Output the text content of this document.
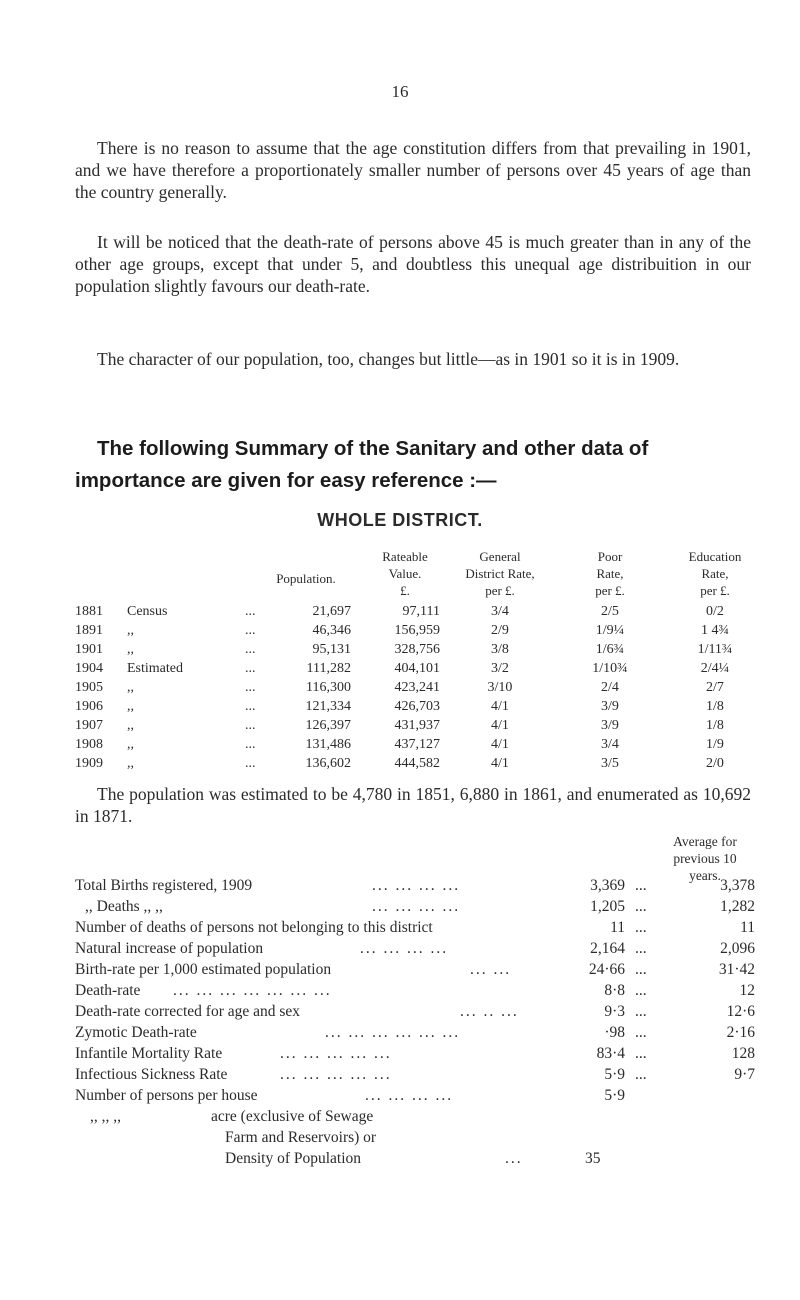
16

There is no reason to assume that the age constitution differs from that prevailing in 1901, and we have therefore a proportionately smaller number of persons over 45 years of age than the country generally.

It will be noticed that the death-rate of persons above 45 is much greater than in any of the other age groups, except that under 5, and doubtless this unequal age distribuition in our population slightly favours our death-rate.

The character of our population, too, changes but little—as in 1901 so it is in 1909.

The following Summary of the Sanitary and other data of importance are given for easy reference :—

WHOLE DISTRICT.

Population.
Rateable
Value.
£.
General
District Rate,
per £.
Poor
Rate,
per £.
Education
Rate,
per £.
1881	Census	...	21,697	97,111	3/4	2/5	0/2
1891	,,	...	46,346	156,959	2/9	1/9¼	1 4¾
1901	,,	...	95,131	328,756	3/8	1/6¾	1/11¾
1904	Estimated	...	111,282	404,101	3/2	1/10¾	2/4¼
1905	,,	...	116,300	423,241	3/10	2/4	2/7
1906	,,	...	121,334	426,703	4/1	3/9	1/8
1907	,,	...	126,397	431,937	4/1	3/9	1/8
1908	,,	...	131,486	437,127	4/1	3/4	1/9
1909	,,	...	136,602	444,582	4/1	3/5	2/0

The population was estimated to be 4,780 in 1851, 6,880 in 1861, and enumerated as 10,692 in 1871.

Average for
previous 10
years.
Total Births registered, 1909	... ... ... ...	3,369 ...	3,378
,, Deaths ,, ,,	... ... ... ...	1,205 ...	1,282
Number of deaths of persons not belonging to this district	11 ...	11
Natural increase of population	... ... ... ...	2,164 ...	2,096
Birth-rate per 1,000 estimated population	... ...	24·66 ...	31·42
Death-rate ... ... ... ... ... ... ...	8·8 ...	12
Death-rate corrected for age and sex	... .. ...	9·3 ...	12·6
Zymotic Death-rate	... ... ... ... ... ...	·98 ...	2·16
Infantile Mortality Rate	... ... ... ... ...	83·4 ...	128
Infectious Sickness Rate	... ... ... ... ...	5·9 ...	9·7
Number of persons per house	... ... ... ...	5·9
,, ,, ,,	acre (exclusive of Sewage
Farm and Reservoirs) or
Density of Population	...	35
